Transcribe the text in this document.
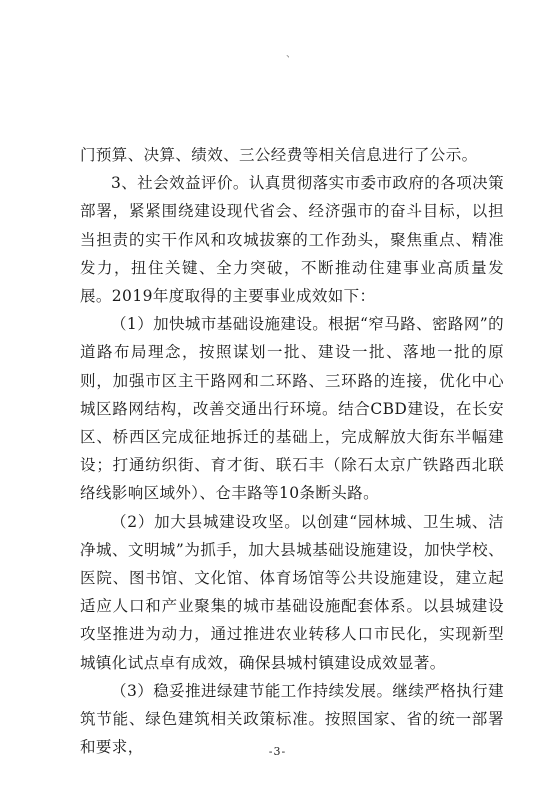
、

门预算、决算、绩效、三公经费等相关信息进行了公示。

3、社会效益评价。认真贯彻落实市委市政府的各项决策部署，紧紧围绕建设现代省会、经济强市的奋斗目标，以担当担责的实干作风和攻城拔寨的工作劲头，聚焦重点、精准发力，扭住关键、全力突破，不断推动住建事业高质量发展。2019年度取得的主要事业成效如下：

（1）加快城市基础设施建设。根据“窄马路、密路网”的道路布局理念，按照谋划一批、建设一批、落地一批的原则，加强市区主干路网和二环路、三环路的连接，优化中心城区路网结构，改善交通出行环境。结合CBD建设，在长安区、桥西区完成征地拆迁的基础上，完成解放大街东半幅建设；打通纺织街、育才街、联石丰（除石太京广铁路西北联络线影响区域外）、仓丰路等10条断头路。

（2）加大县城建设攻坚。以创建“园林城、卫生城、洁净城、文明城”为抓手，加大县城基础设施建设，加快学校、医院、图书馆、文化馆、体育场馆等公共设施建设，建立起适应人口和产业聚集的城市基础设施配套体系。以县城建设攻坚推进为动力，通过推进农业转移人口市民化，实现新型城镇化试点卓有成效，确保县城村镇建设成效显著。

（3）稳妥推进绿建节能工作持续发展。继续严格执行建筑节能、绿色建筑相关政策标准。按照国家、省的统一部署和要求，	-3-
